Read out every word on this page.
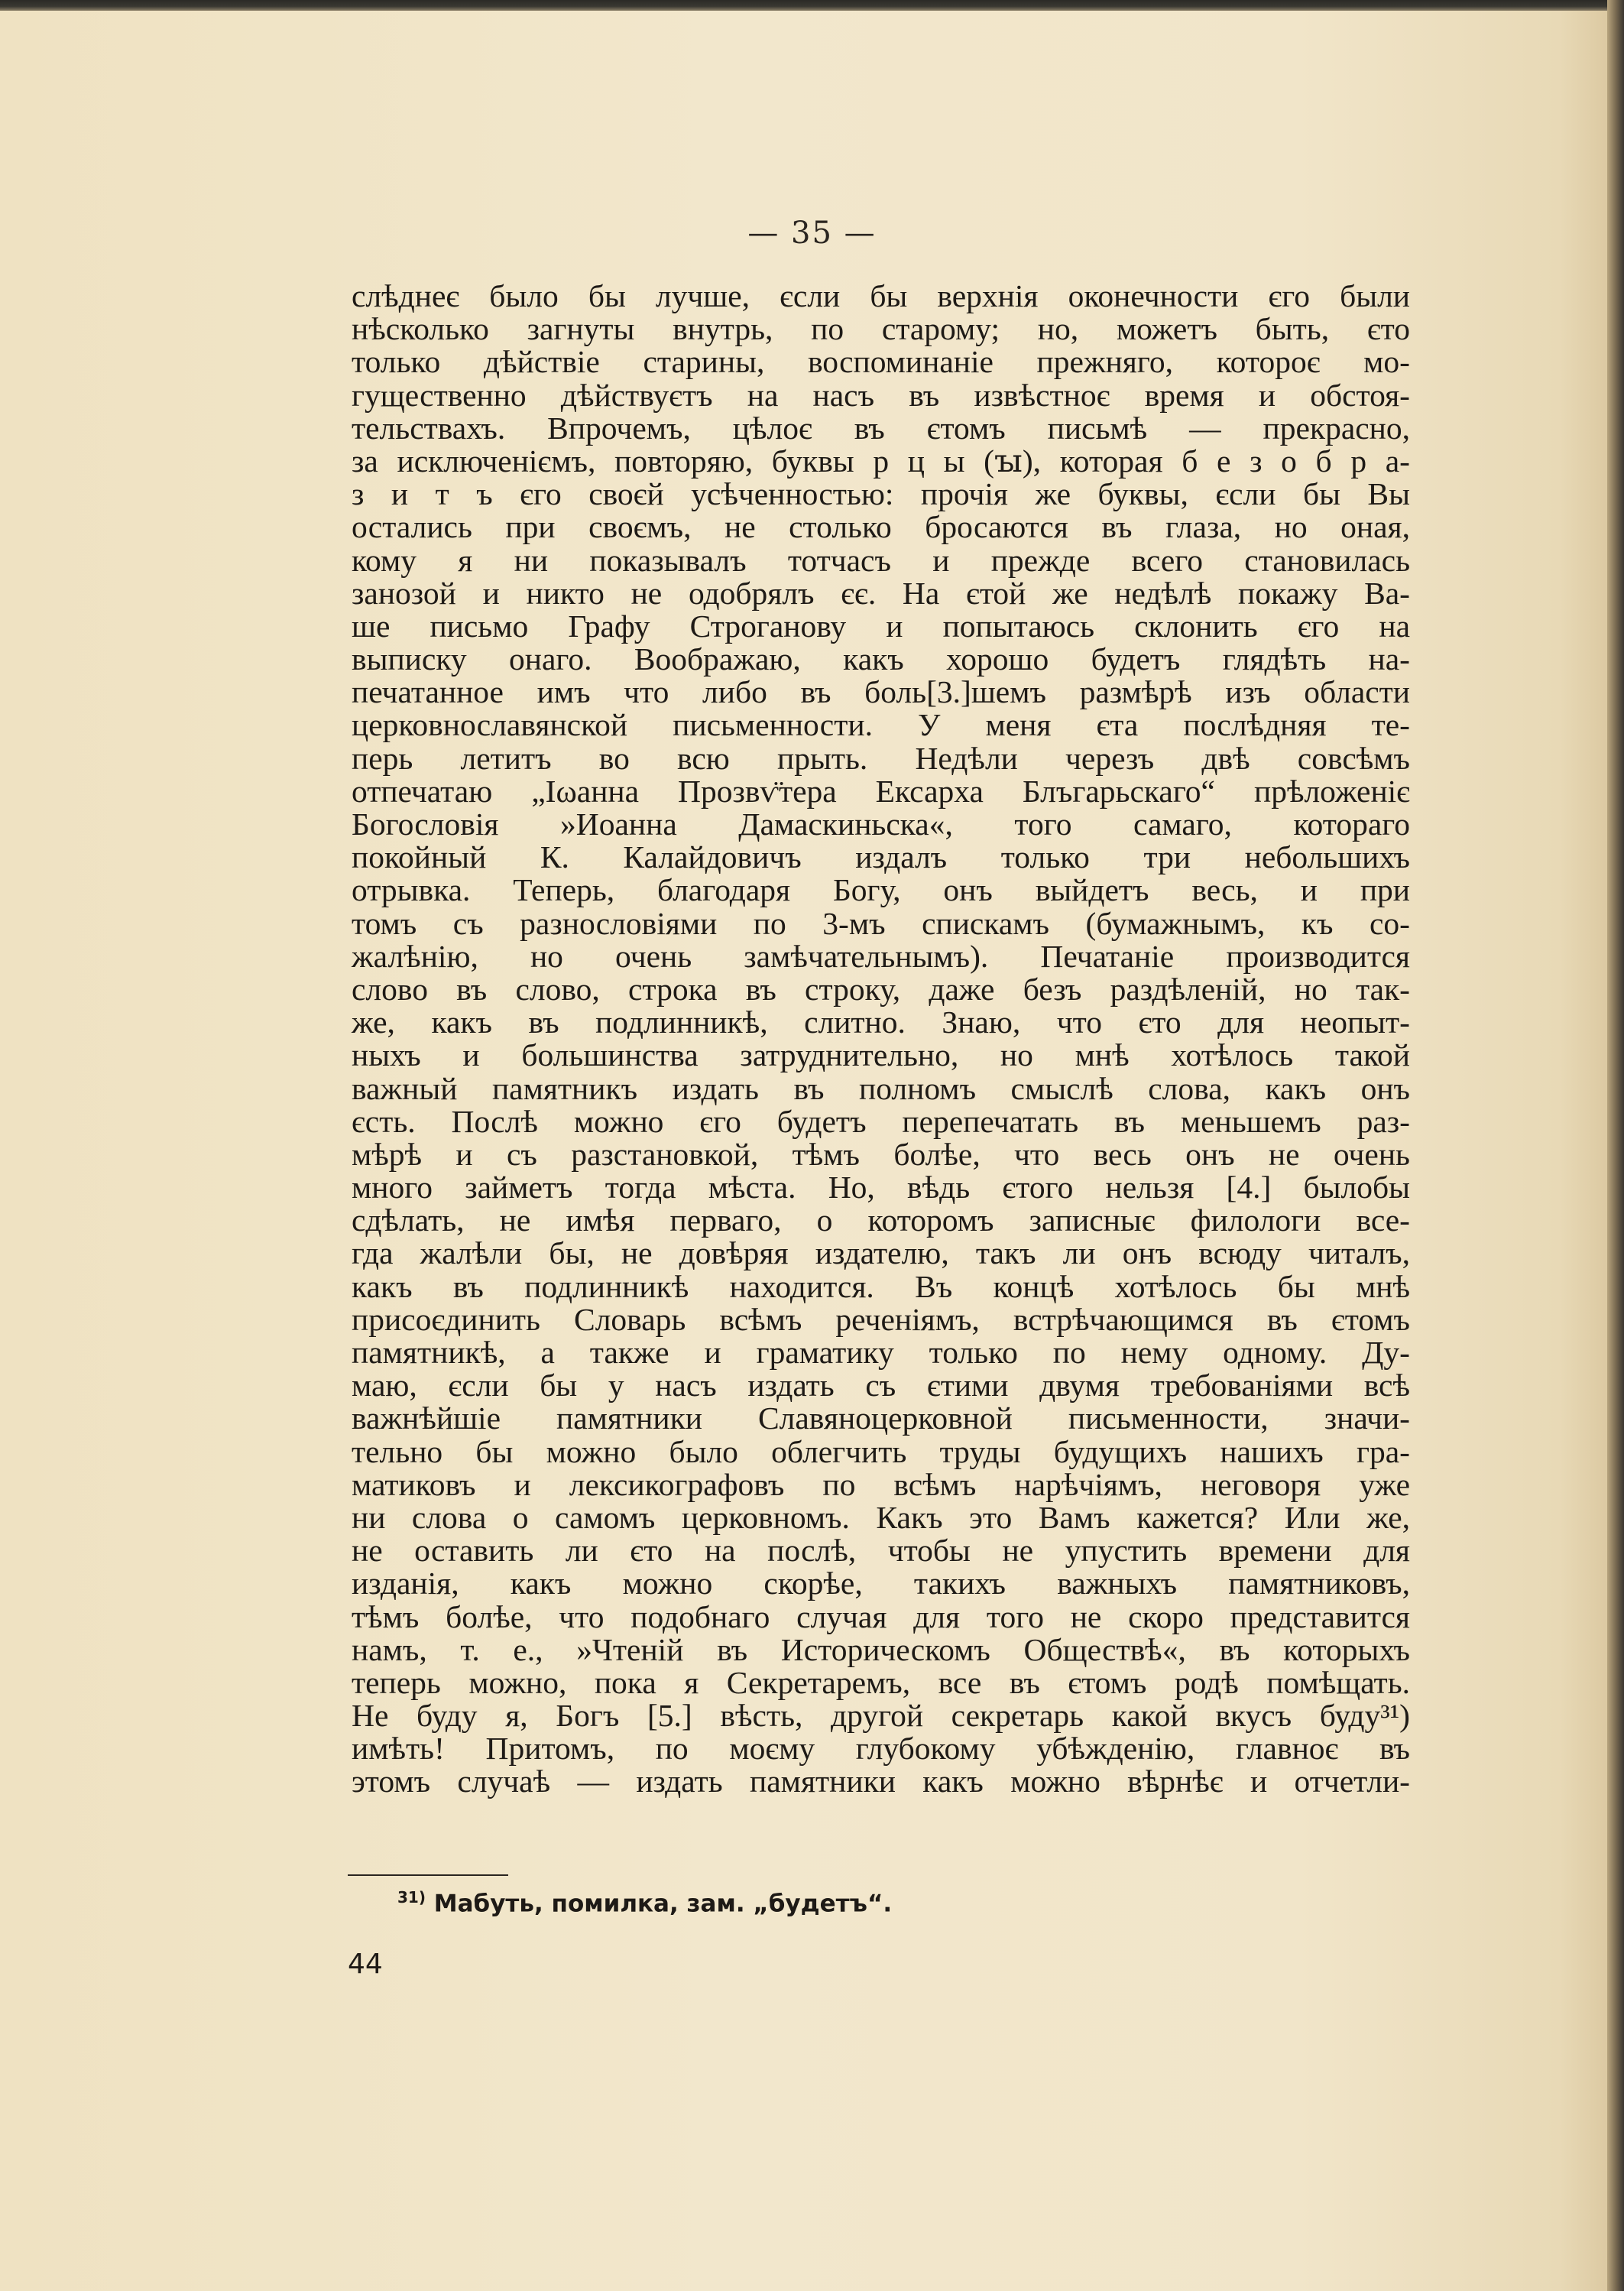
— 35 —
слѣднеє было бы лучше, єсли бы верхнія оконечности єго были
нѣсколько загнуты внутрь, по старому; но, можетъ быть, єто
только дѣйствіе старины, воспоминаніе прежняго, котороє мо-
гущественно дѣйствуєтъ на насъ въ извѣстноє время и обстоя-
тельствахъ. Впрочемъ, цѣлоє въ єтомъ письмѣ — прекрасно,
за исключеніємъ, повторяю, буквы р ц ы (ꙑ), которая б е з о б р а-
з и т ъ єго своєй усѣченностью: прочія же буквы, єсли бы Вы
остались при своємъ, не столько бросаются въ глаза, но оная,
кому я ни показывалъ тотчасъ и прежде всего становилась
занозой и никто не одобрялъ єє. На єтой же недѣлѣ покажу Ва-
ше письмо Графу Строганову и попытаюсь склонить єго на
выписку онаго. Воображаю, какъ хорошо будетъ глядѣть на-
печатанное имъ что либо въ боль[3.]шемъ размѣрѣ изъ области
церковнославянской письменности. У меня єта послѣдняя те-
перь летитъ во всю прыть. Недѣли черезъ двѣ совсѣмъ
отпечатаю „Іωанна Прозвѵ̈тера Ексарха Блъгарьскаго“ прѣложеніє
Богословія »Иоанна Дамаскиньска«, того самаго, котораго
покойный К. Калайдовичъ издалъ только три небольшихъ
отрывка. Теперь, благодаря Богу, онъ выйдетъ весь, и при
томъ съ разнословіями по 3-мъ спискамъ (бумажнымъ, къ со-
жалѣнію, но очень замѣчательнымъ). Печатаніе производится
слово въ слово, строка въ строку, даже безъ раздѣленій, но так-
же, какъ въ подлинникѣ, слитно. Знаю, что єто для неопыт-
ныхъ и большинства затруднительно, но мнѣ хотѣлось такой
важный памятникъ издать въ полномъ смыслѣ слова, какъ онъ
єсть. Послѣ можно єго будетъ перепечатать въ меньшемъ раз-
мѣрѣ и съ разстановкой, тѣмъ болѣе, что весь онъ не очень
много займетъ тогда мѣста. Но, вѣдь єтого нельзя [4.] былобы
сдѣлать, не имѣя перваго, о которомъ записныє филологи все-
гда жалѣли бы, не довѣряя издателю, такъ ли онъ всюду читалъ,
какъ въ подлинникѣ находится. Въ концѣ хотѣлось бы мнѣ
присоєдинить Словарь всѣмъ реченіямъ, встрѣчающимся въ єтомъ
памятникѣ, а также и граматику только по нему одному. Ду-
маю, єсли бы у насъ издать съ єтими двумя требованіями всѣ
важнѣйшіе памятники Славяноцерковной письменности, значи-
тельно бы можно было облегчить труды будущихъ нашихъ гра-
матиковъ и лексикографовъ по всѣмъ нарѣчіямъ, неговоря уже
ни слова о самомъ церковномъ. Какъ это Вамъ кажется? Или же,
не оставить ли єто на послѣ, чтобы не упустить времени для
изданія, какъ можно скорѣе, такихъ важныхъ памятниковъ,
тѣмъ болѣе, что подобнаго случая для того не скоро представится
намъ, т. е., »Чтеній въ Историческомъ Обществѣ«, въ которыхъ
теперь можно, пока я Секретаремъ, все въ єтомъ родѣ помѣщать.
Не буду я, Богъ [5.] вѣсть, другой секретарь какой вкусъ буду³¹)
имѣть! Притомъ, по моєму глубокому убѣжденію, главноє въ
этомъ случаѣ — издать памятники какъ можно вѣрнѣє и отчетли-
$^{31)}$ Мабуть, помилка, зам. „будетъ“.
44
